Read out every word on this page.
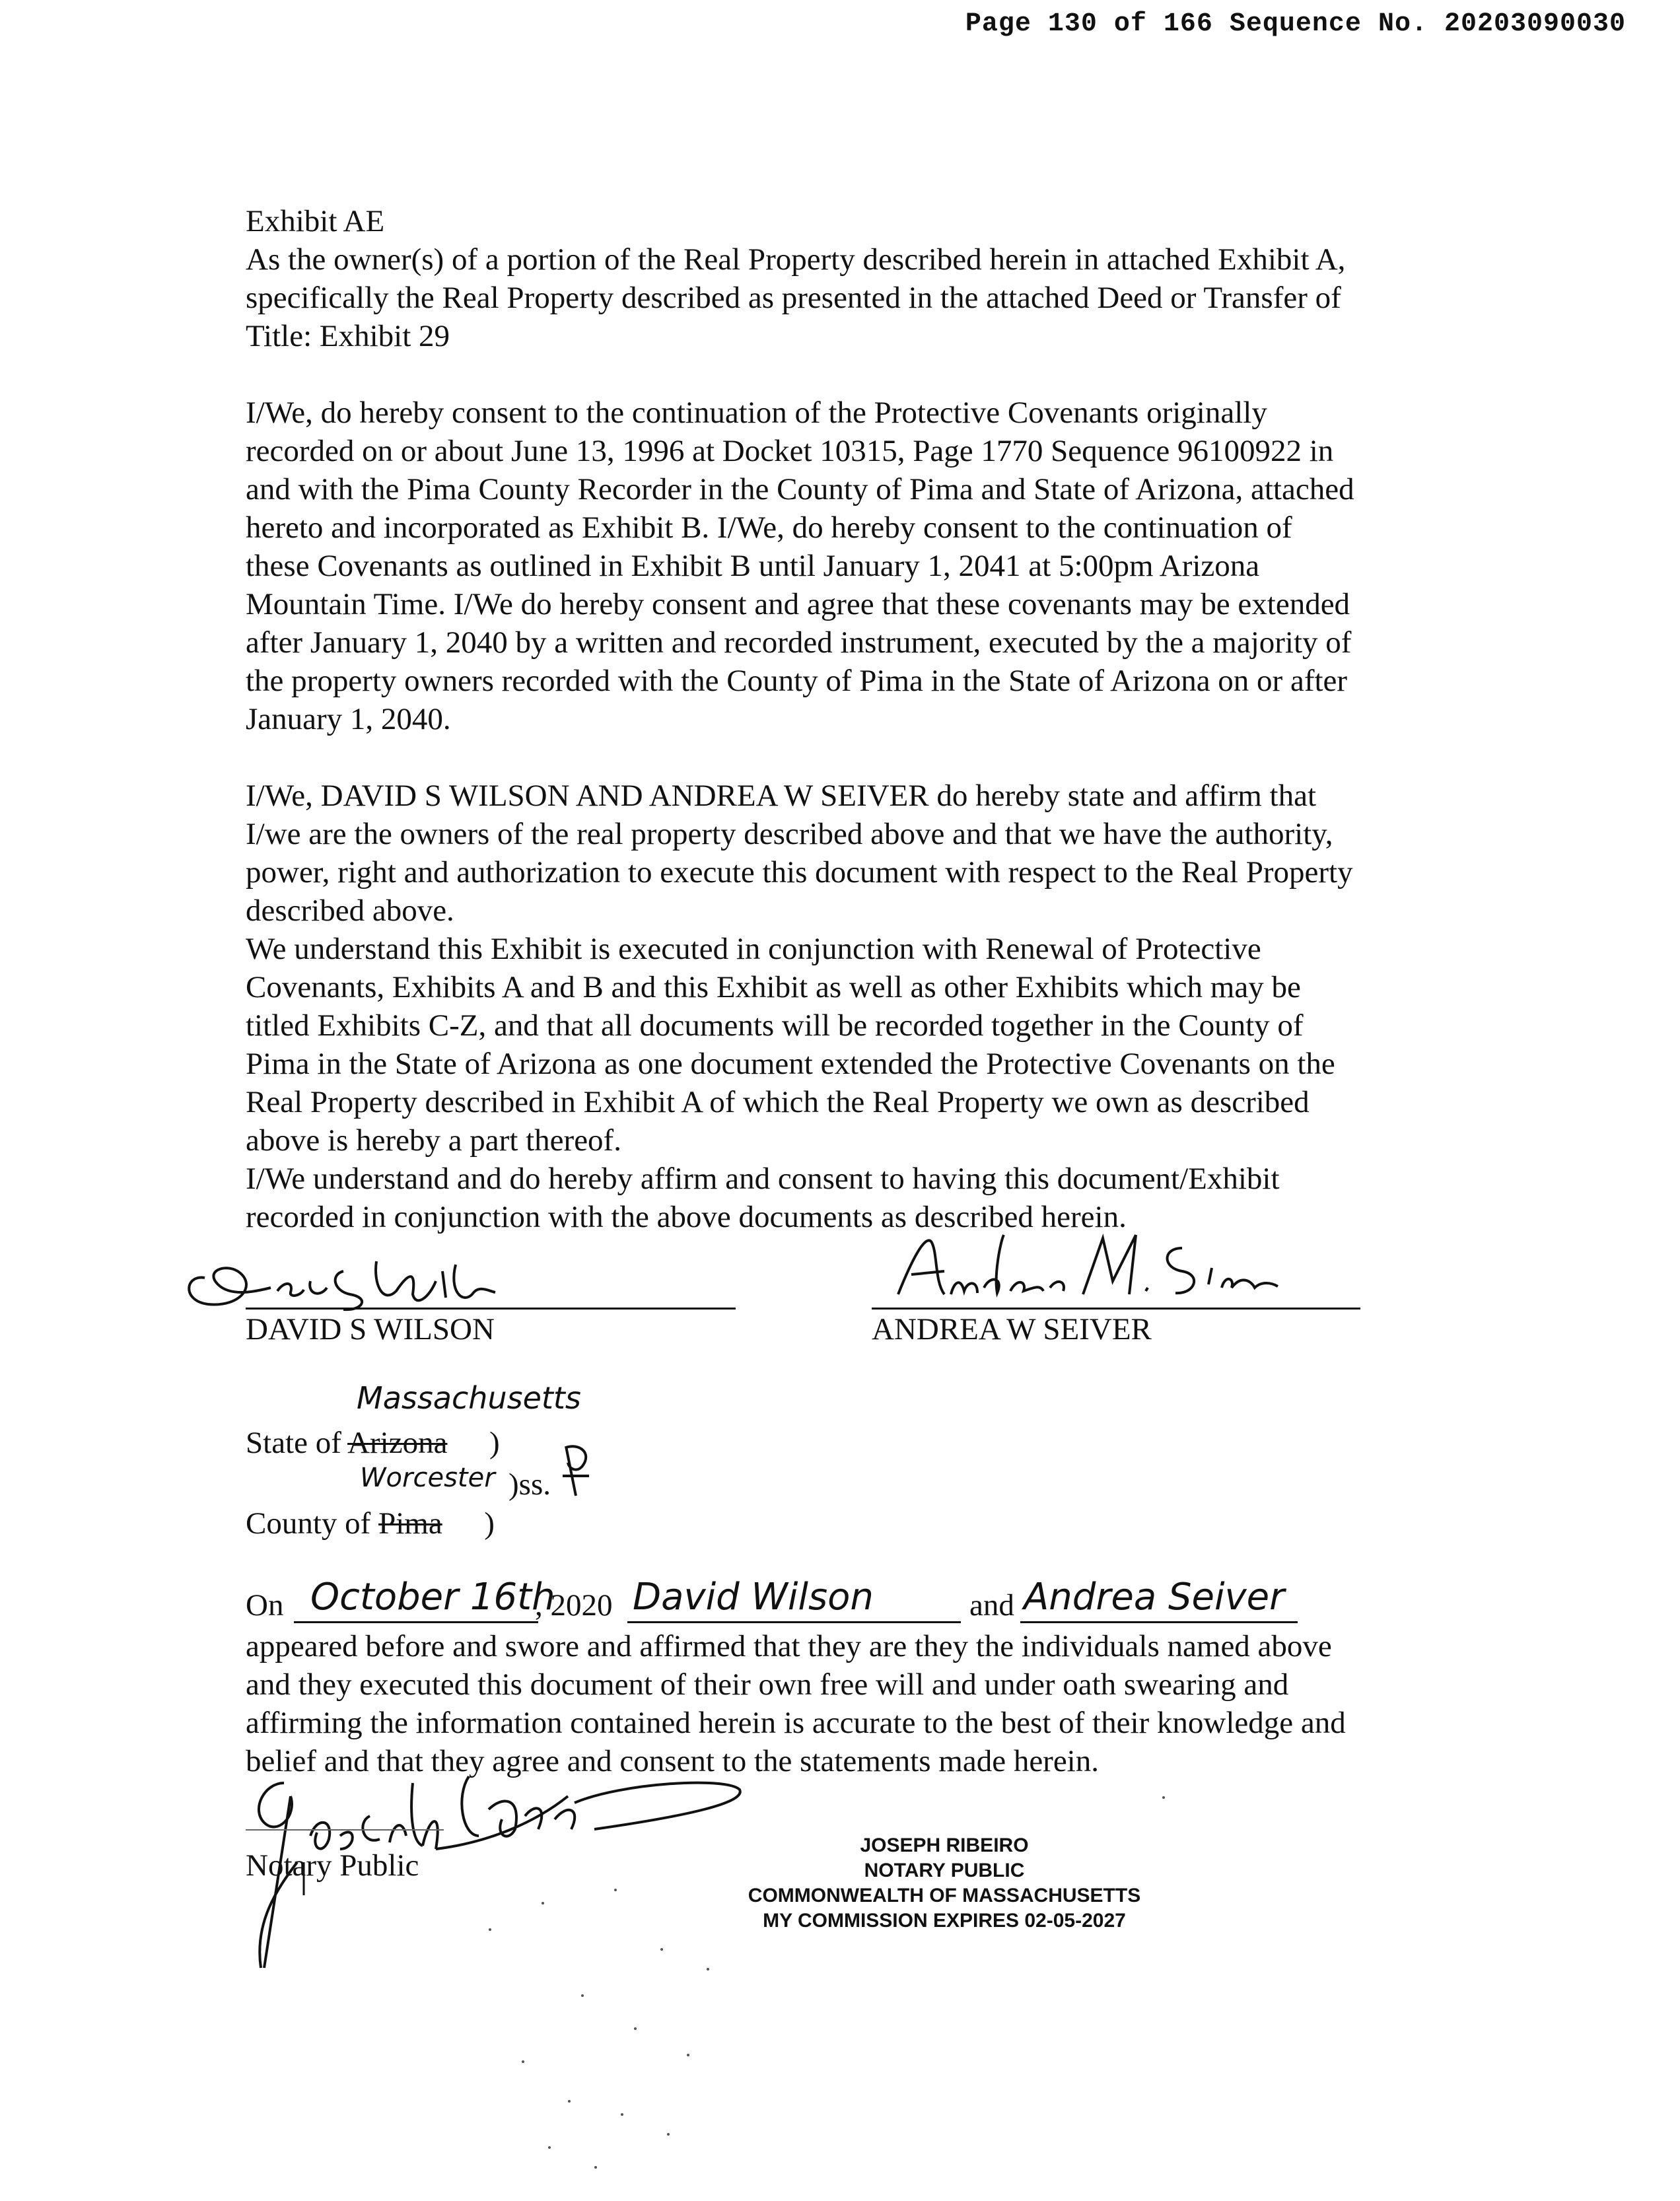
Page 130 of 166 Sequence No. 20203090030
Exhibit AE
As the owner(s) of a portion of the Real Property described herein in attached Exhibit A,
specifically the Real Property described as presented in the attached Deed or Transfer of
Title: Exhibit 29
I/We, do hereby consent to the continuation of the Protective Covenants originally
recorded on or about June 13, 1996 at Docket 10315, Page 1770 Sequence 96100922 in
and with the Pima County Recorder in the County of Pima and State of Arizona, attached
hereto and incorporated as Exhibit B. I/We, do hereby consent to the continuation of
these Covenants as outlined in Exhibit B until January 1, 2041 at 5:00pm Arizona
Mountain Time. I/We do hereby consent and agree that these covenants may be extended
after January 1, 2040 by a written and recorded instrument, executed by the a majority of
the property owners recorded with the County of Pima in the State of Arizona on or after
January 1, 2040.
I/We, DAVID S WILSON AND ANDREA W SEIVER do hereby state and affirm that
I/we are the owners of the real property described above and that we have the authority,
power, right and authorization to execute this document with respect to the Real Property
described above.
We understand this Exhibit is executed in conjunction with Renewal of Protective
Covenants, Exhibits A and B and this Exhibit as well as other Exhibits which may be
titled Exhibits C-Z, and that all documents will be recorded together in the County of
Pima in the State of Arizona as one document extended the Protective Covenants on the
Real Property described in Exhibit A of which the Real Property we own as described
above is hereby a part thereof.
I/We understand and do hereby affirm and consent to having this document/Exhibit
recorded in conjunction with the above documents as described herein.
DAVID S WILSON	ANDREA W SEIVER
Massachusetts
State of Arizona )
Worcester )ss.
County of Pima )
On October 16th
, 2020 David Wilson	and Andrea Seiver
appeared before and swore and affirmed that they are they the individuals named above
and they executed this document of their own free will and under oath swearing and
affirming the information contained herein is accurate to the best of their knowledge and
belief and that they agree and consent to the statements made herein.
Notary Public
JOSEPH RIBEIRO
NOTARY PUBLIC
COMMONWEALTH OF MASSACHUSETTS
MY COMMISSION EXPIRES 02-05-2027
